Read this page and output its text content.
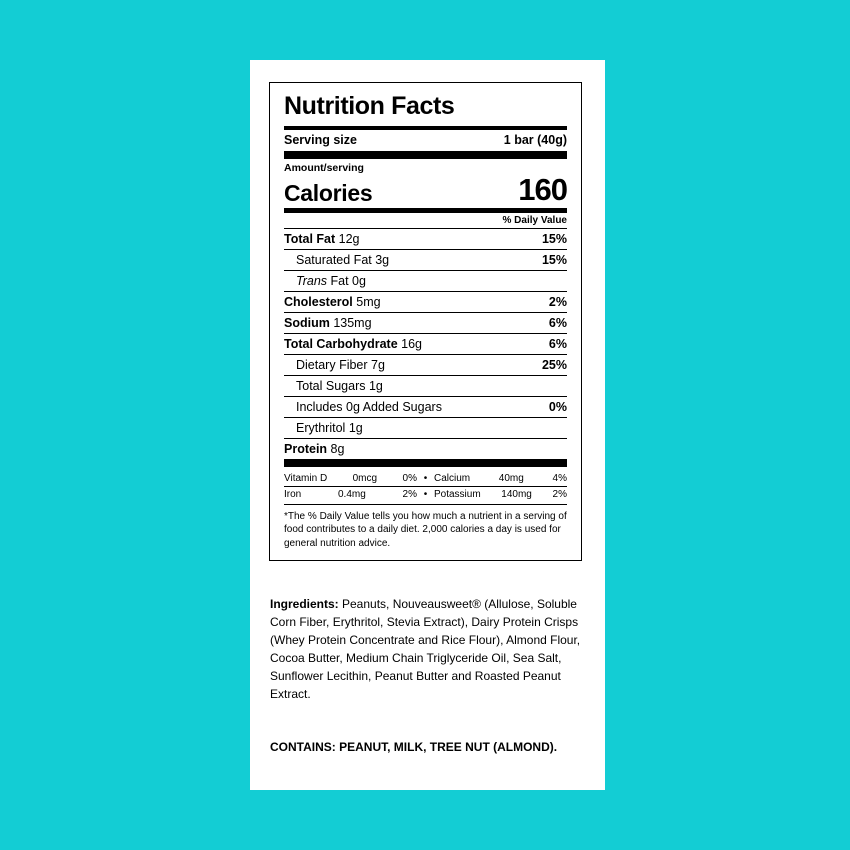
Nutrition Facts
Serving size	1 bar (40g)
Amount/serving
Calories	160
% Daily Value
Total Fat 12g	15%
Saturated Fat 3g	15%
Trans Fat 0g
Cholesterol 5mg	2%
Sodium 135mg	6%
Total Carbohydrate 16g	6%
Dietary Fiber 7g	25%
Total Sugars 1g
Includes 0g Added Sugars	0%
Erythritol 1g
Protein 8g
Vitamin D	0mcg	0% • Calcium	40mg	4%
Iron	0.4mg	2% • Potassium 140mg 2%
*The % Daily Value tells you how much a nutrient in a serving of food contributes to a daily diet. 2,000 calories a day is used for general nutrition advice.
Ingredients: Peanuts, Nouveausweet® (Allulose, Soluble Corn Fiber, Erythritol, Stevia Extract), Dairy Protein Crisps (Whey Protein Concentrate and Rice Flour), Almond Flour, Cocoa Butter, Medium Chain Triglyceride Oil, Sea Salt, Sunflower Lecithin, Peanut Butter and Roasted Peanut Extract.
CONTAINS: PEANUT, MILK, TREE NUT (ALMOND).
